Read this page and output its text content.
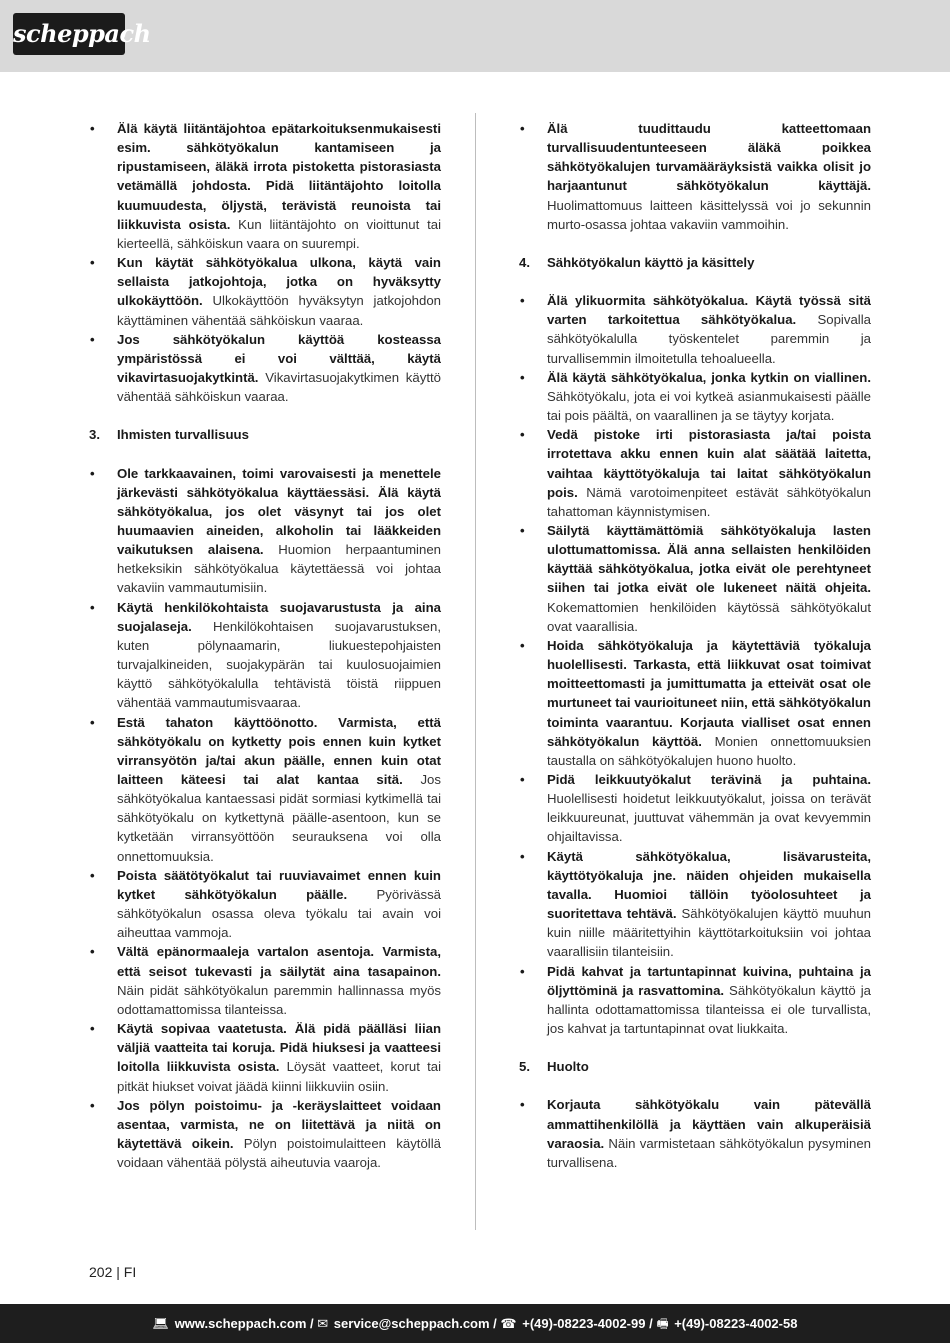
scheppach
• Älä käytä liitäntäjohtoa epätarkoituksenmukaisesti esim. sähkötyökalun kantamiseen ja ripustamiseen, äläkä irrota pistoketta pistorasiasta vetämällä johdosta. Pidä liitäntäjohto loitolla kuumuudesta, öljystä, terävistä reunoista tai liikkuvista osista. Kun liitäntäjohto on vioittunut tai kierteellä, sähköiskun vaara on suurempi.
• Kun käytät sähkötyökalua ulkona, käytä vain sellaista jatkojohtoja, jotka on hyväksytty ulkokäyttöön. Ulkokäyttöön hyväksytyn jatkojohdon käyttäminen vähentää sähköiskun vaaraa.
• Jos sähkötyökalun käyttöä kosteassa ympäristössä ei voi välttää, käytä vikavirtasuojakytkintä. Vikavirtasuojakytkimen käyttö vähentää sähköiskun vaaraa.
3. Ihmisten turvallisuus
• Ole tarkkaavainen, toimi varovaisesti ja menettele järkevästi sähkötyökalua käyttäessäsi. Älä käytä sähkötyökalua, jos olet väsynyt tai jos olet huumaavien aineiden, alkoholin tai lääkkeiden vaikutuksen alaisena. Huomion herpaantuminen hetkeksikin sähkötyökalua käytettäessä voi johtaa vakaviin vammautumisiin.
• Käytä henkilökohtaista suojavarustusta ja aina suojalaseja. Henkilökohtaisen suojavarustuksen, kuten pölynaamarin, liukuestepohjaisten turvajalkineiden, suojakypärän tai kuulosuojaimien käyttö sähkötyökalulla tehtävistä töistä riippuen vähentää vammautumisvaaraa.
• Estä tahaton käyttöönotto. Varmista, että sähkötyökalu on kytketty pois ennen kuin kytket virransyötön ja/tai akun päälle, ennen kuin otat laitteen käteesi tai alat kantaa sitä. Jos sähkötyökalua kantaessasi pidät sormiasi kytkimellä tai sähkötyökalu on kytkettynä päälle-asentoon, kun se kytketään virransyöttöön seurauksena voi olla onnettomuuksia.
• Poista säätötyökalut tai ruuviavaimet ennen kuin kytket sähkötyökalun päälle. Pyörivässä sähkötyökalun osassa oleva työkalu tai avain voi aiheuttaa vammoja.
• Vältä epänormaaleja vartalon asentoja. Varmista, että seisot tukevasti ja säilytät aina tasapainon. Näin pidät sähkötyökalun paremmin hallinnassa myös odottamattomissa tilanteissa.
• Käytä sopivaa vaatetusta. Älä pidä päälläsi liian väljiä vaatteita tai koruja. Pidä hiuksesi ja vaatteesi loitolla liikkuvista osista. Löysät vaatteet, korut tai pitkät hiukset voivat jäädä kiinni liikkuviin osiin.
• Jos pölyn poistoimu- ja -keräyslaitteet voidaan asentaa, varmista, ne on liitettävä ja niitä on käytettävä oikein. Pölyn poistoimulaitteen käytöllä voidaan vähentää pölystä aiheutuvia vaaroja.
• Älä tuudittaudu katteettomaan turvallisuudentunteeseen äläkä poikkea sähkötyökalujen turvamääräyksistä vaikka olisit jo harjaantunut sähkötyökalun käyttäjä. Huolimattomuus laitteen käsittelyssä voi jo sekunnin murto-osassa johtaa vakaviin vammoihin.
4. Sähkötyökalun käyttö ja käsittely
• Älä ylikuormita sähkötyökalua. Käytä työssä sitä varten tarkoitettua sähkötyökalua. Sopivalla sähkötyökalulla työskentelet paremmin ja turvallisemmin ilmoitetulla tehoalueella.
• Älä käytä sähkötyökalua, jonka kytkin on viallinen. Sähkötyökalu, jota ei voi kytkeä asianmukaisesti päälle tai pois päältä, on vaarallinen ja se täytyy korjata.
• Vedä pistoke irti pistorasiasta ja/tai poista irrotettava akku ennen kuin alat säätää laitetta, vaihtaa käyttötyökaluja tai laitat sähkötyökalun pois. Nämä varotoimenpiteet estävät sähkötyökalun tahattoman käynnistymisen.
• Säilytä käyttämättömiä sähkötyökaluja lasten ulottumattomissa. Älä anna sellaisten henkilöiden käyttää sähkötyökalua, jotka eivät ole perehtyneet siihen tai jotka eivät ole lukeneet näitä ohjeita. Kokemattomien henkilöiden käytössä sähkötyökalut ovat vaarallisia.
• Hoida sähkötyökaluja ja käytettäviä työkaluja huolellisesti. Tarkasta, että liikkuvat osat toimivat moitteettomasti ja jumittumatta ja etteivät osat ole murtuneet tai vaurioituneet niin, että sähkötyökalun toiminta vaarantuu. Korjauta vialliset osat ennen sähkötyökalun käyttöä. Monien onnettomuuksien taustalla on sähkötyökalujen huono huolto.
• Pidä leikkuutyökalut terävinä ja puhtaina. Huolellisesti hoidetut leikkuutyökalut, joissa on terävät leikkuureunat, juuttuvat vähemmän ja ovat kevyemmin ohjailtavissa.
• Käytä sähkötyökalua, lisävarusteita, käyttötyökaluja jne. näiden ohjeiden mukaisella tavalla. Huomioi tällöin työolosuhteet ja suoritettava tehtävä. Sähkötyökalujen käyttö muuhun kuin niille määritettyihin käyttötarkoituksiin voi johtaa vaarallisiin tilanteisiin.
• Pidä kahvat ja tartuntapinnat kuivina, puhtaina ja öljyttöminä ja rasvattomina. Sähkötyökalun käyttö ja hallinta odottamattomissa tilanteissa ei ole turvallista, jos kahvat ja tartuntapinnat ovat liukkaita.
5. Huolto
• Korjauta sähkötyökalu vain pätevällä ammattihenkilöllä ja käyttäen vain alkuperäisiä varaosia. Näin varmistetaan sähkötyökalun pysyminen turvallisena.
202 | FI
💻︎ www.scheppach.com / ✉︎ service@scheppach.com / ☎︎ +(49)-08223-4002-99 / 🖷︎ +(49)-08223-4002-58
